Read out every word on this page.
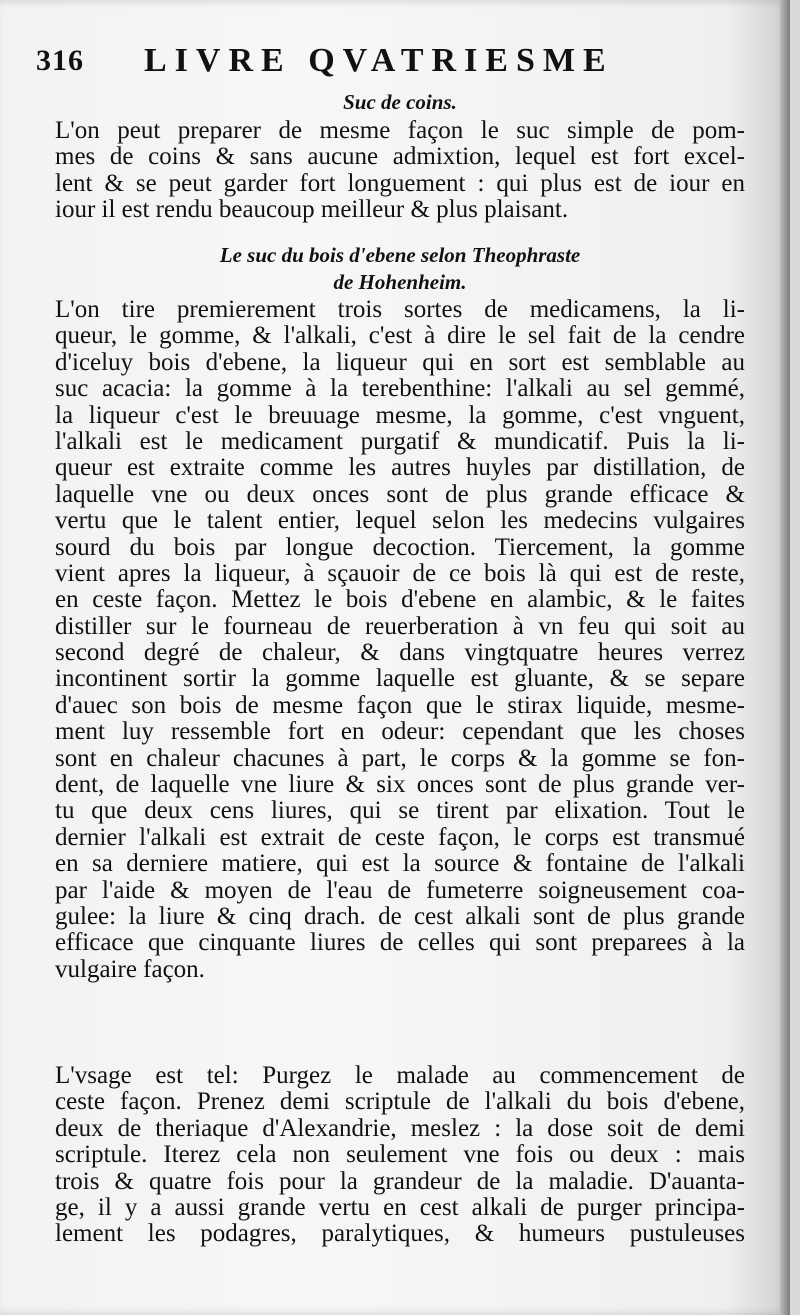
316 LIVRE QVATRIESME
Suc de coins.
L'on peut preparer de mesme façon le suc simple de pom-
mes de coins & sans aucune admixtion, lequel est fort excel-
lent & se peut garder fort longuement : qui plus est de iour en
iour il est rendu beaucoup meilleur & plus plaisant.
Le suc du bois d'ebene selon Theophraste
de Hohenheim.
L'on tire premierement trois sortes de medicamens, la li-
queur, le gomme, & l'alkali, c'est à dire le sel fait de la cendre
d'iceluy bois d'ebene, la liqueur qui en sort est semblable au
suc acacia: la gomme à la terebenthine: l'alkali au sel gemmé,
la liqueur c'est le breuuage mesme, la gomme, c'est vnguent,
l'alkali est le medicament purgatif & mundicatif. Puis la li-
queur est extraite comme les autres huyles par distillation, de
laquelle vne ou deux onces sont de plus grande efficace &
vertu que le talent entier, lequel selon les medecins vulgaires
sourd du bois par longue decoction. Tiercement, la gomme
vient apres la liqueur, à sçauoir de ce bois là qui est de reste,
en ceste façon. Mettez le bois d'ebene en alambic, & le faites
distiller sur le fourneau de reuerberation à vn feu qui soit au
second degré de chaleur, & dans vingtquatre heures verrez
incontinent sortir la gomme laquelle est gluante, & se separe
d'auec son bois de mesme façon que le stirax liquide, mesme-
ment luy ressemble fort en odeur: cependant que les choses
sont en chaleur chacunes à part, le corps & la gomme se fon-
dent, de laquelle vne liure & six onces sont de plus grande ver-
tu que deux cens liures, qui se tirent par elixation. Tout le
dernier l'alkali est extrait de ceste façon, le corps est transmué
en sa derniere matiere, qui est la source & fontaine de l'alkali
par l'aide & moyen de l'eau de fumeterre soigneusement coa-
gulee: la liure & cinq drach. de cest alkali sont de plus grande
efficace que cinquante liures de celles qui sont preparees à la
vulgaire façon.
L'vsage est tel: Purgez le malade au commencement de
ceste façon. Prenez demi scriptule de l'alkali du bois d'ebene,
deux de theriaque d'Alexandrie, meslez : la dose soit de demi
scriptule. Iterez cela non seulement vne fois ou deux : mais
trois & quatre fois pour la grandeur de la maladie. D'auanta-
ge, il y a aussi grande vertu en cest alkali de purger principa-
lement les podagres, paralytiques, & humeurs pustuleuses
